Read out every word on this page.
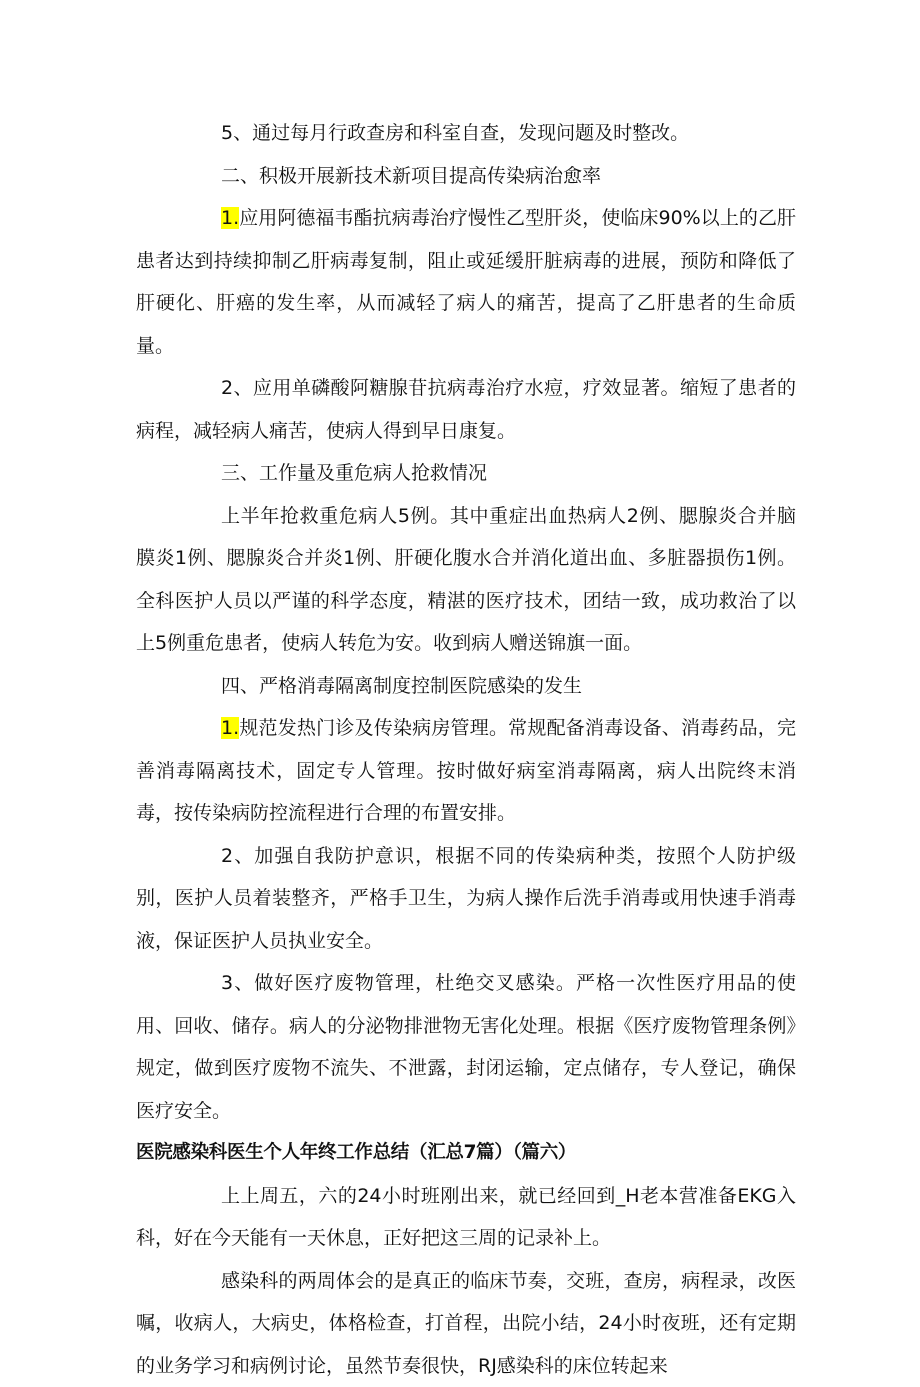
5、通过每月行政查房和科室自查，发现问题及时整改。

二、积极开展新技术新项目提高传染病治愈率

1.应用阿德福韦酯抗病毒治疗慢性乙型肝炎，使临床90%以上的乙肝患者达到持续抑制乙肝病毒复制，阻止或延缓肝脏病毒的进展，预防和降低了肝硬化、肝癌的发生率，从而减轻了病人的痛苦，提高了乙肝患者的生命质量。

2、应用单磷酸阿糖腺苷抗病毒治疗水痘，疗效显著。缩短了患者的病程，减轻病人痛苦，使病人得到早日康复。

三、工作量及重危病人抢救情况

上半年抢救重危病人5例。其中重症出血热病人2例、腮腺炎合并脑膜炎1例、腮腺炎合并炎1例、肝硬化腹水合并消化道出血、多脏器损伤1例。全科医护人员以严谨的科学态度，精湛的医疗技术，团结一致，成功救治了以上5例重危患者，使病人转危为安。收到病人赠送锦旗一面。

四、严格消毒隔离制度控制医院感染的发生

1.规范发热门诊及传染病房管理。常规配备消毒设备、消毒药品，完善消毒隔离技术，固定专人管理。按时做好病室消毒隔离，病人出院终末消毒，按传染病防控流程进行合理的布置安排。

2、加强自我防护意识，根据不同的传染病种类，按照个人防护级别，医护人员着装整齐，严格手卫生，为病人操作后洗手消毒或用快速手消毒液，保证医护人员执业安全。

3、做好医疗废物管理，杜绝交叉感染。严格一次性医疗用品的使用、回收、储存。病人的分泌物排泄物无害化处理。根据《医疗废物管理条例》规定，做到医疗废物不流失、不泄露，封闭运输，定点储存，专人登记，确保医疗安全。

医院感染科医生个人年终工作总结（汇总7篇）（篇六）

上上周五，六的24小时班刚出来，就已经回到_H老本营准备EKG入科，好在今天能有一天休息，正好把这三周的记录补上。

感染科的两周体会的是真正的临床节奏，交班，查房，病程录，改医嘱，收病人，大病史，体格检查，打首程，出院小结，24小时夜班，还有定期的业务学习和病例讨论，虽然节奏很快，RJ感染科的床位转起来
